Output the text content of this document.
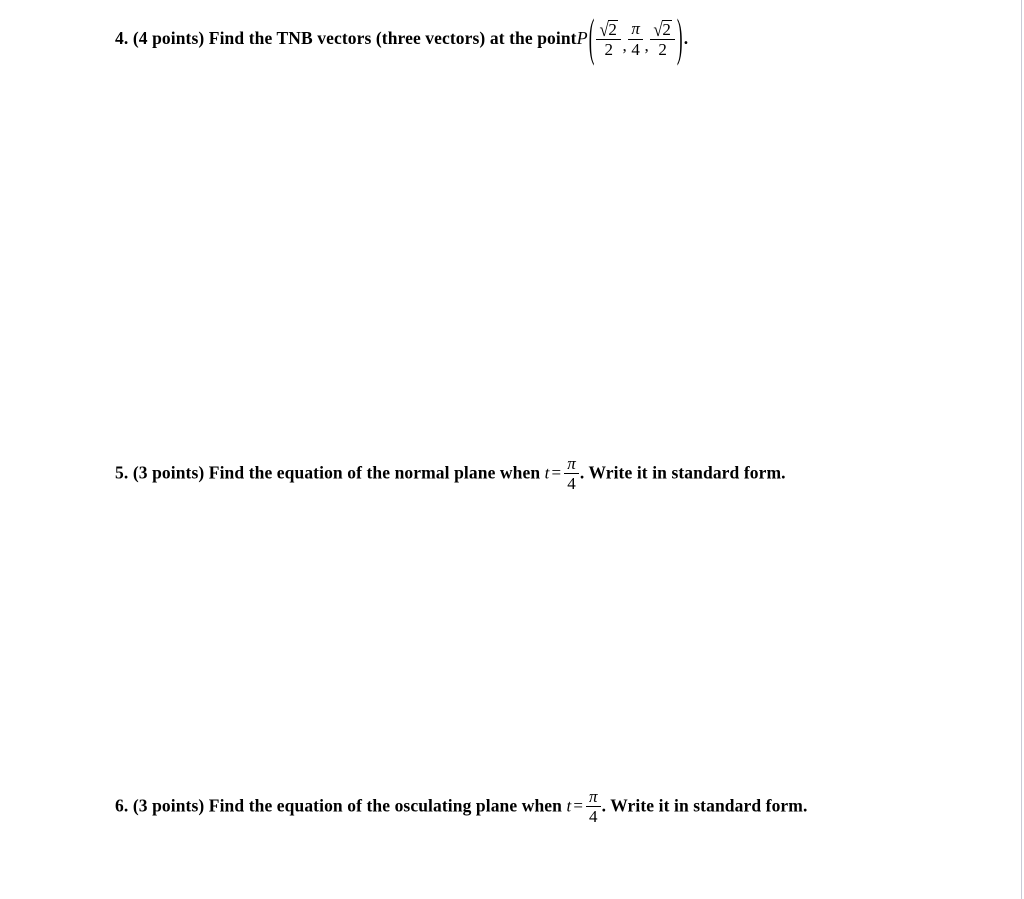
4. (4 points) Find the TNB vectors (three vectors) at the pointP( $\frac{√2}{2}$ , $\frac{\pi}{4}$ , $\frac{√2}{2}$ ).
5. (3 points) Find the equation of the normal plane when $t = \frac{\pi}{4}$ . Write it in standard form.
6. (3 points) Find the equation of the osculating plane when $t = \frac{\pi}{4}$ . Write it in standard form.
